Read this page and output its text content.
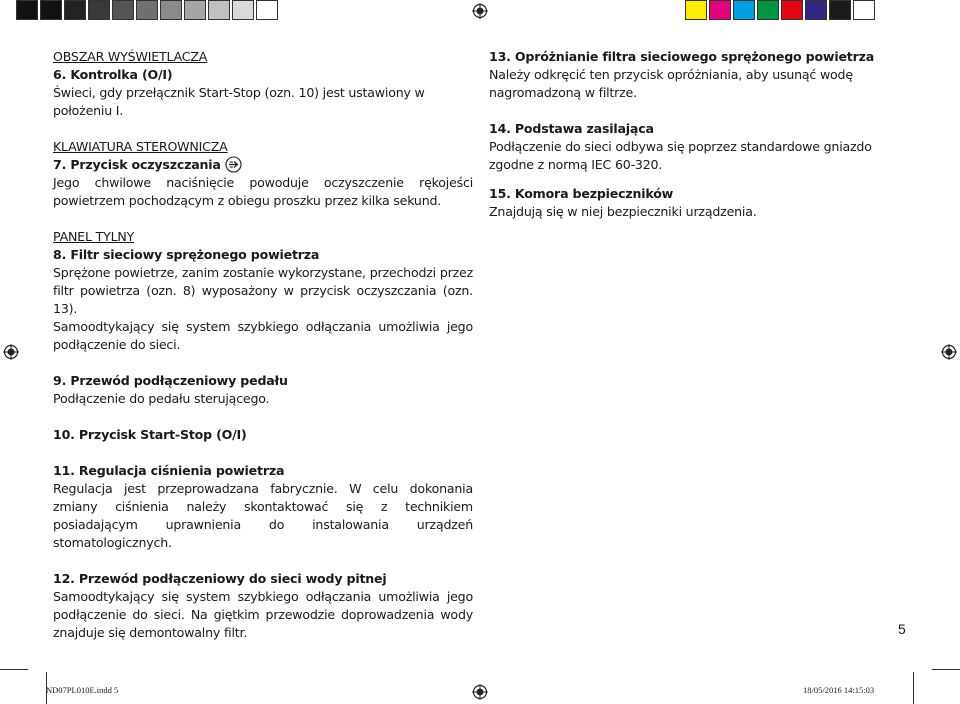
OBSZAR WYŚWIETLACZA

6. Kontrolka (O/I)

Świeci, gdy przełącznik Start-Stop (ozn. 10) jest ustawiony w położeniu I.

KLAWIATURA STEROWNICZA

7. Przycisk oczyszczania

Jego chwilowe naciśnięcie powoduje oczyszczenie rękojeści powietrzem pochodzącym z obiegu proszku przez kilka sekund.

PANEL TYLNY

8. Filtr sieciowy sprężonego powietrza

Sprężone powietrze, zanim zostanie wykorzystane, przechodzi przez filtr powietrza (ozn. 8) wyposażony w przycisk oczyszczania (ozn. 13).

Samoodtykający się system szybkiego odłączania umożliwia jego podłączenie do sieci.

9. Przewód podłączeniowy pedału

Podłączenie do pedału sterującego.

10. Przycisk Start-Stop (O/I)

11. Regulacja ciśnienia powietrza

Regulacja jest przeprowadzana fabrycznie. W celu dokonania zmiany ciśnienia należy skontaktować się z technikiem posiadającym uprawnienia do instalowania urządzeń stomatologicznych.

12. Przewód podłączeniowy do sieci wody pitnej

Samoodtykający się system szybkiego odłączania umożliwia jego podłączenie do sieci. Na giętkim przewodzie doprowadzenia wody znajduje się demontowalny filtr.

13. Opróżnianie filtra sieciowego sprężonego powietrza

Należy odkręcić ten przycisk opróżniania, aby usunąć wodę nagromadzoną w filtrze.

14. Podstawa zasilająca

Podłączenie do sieci odbywa się poprzez standardowe gniazdo zgodne z normą IEC 60-320.

15. Komora bezpieczników

Znajdują się w niej bezpieczniki urządzenia.

5
ND07PL010E.indd 5	18/05/2016 14:15:03
